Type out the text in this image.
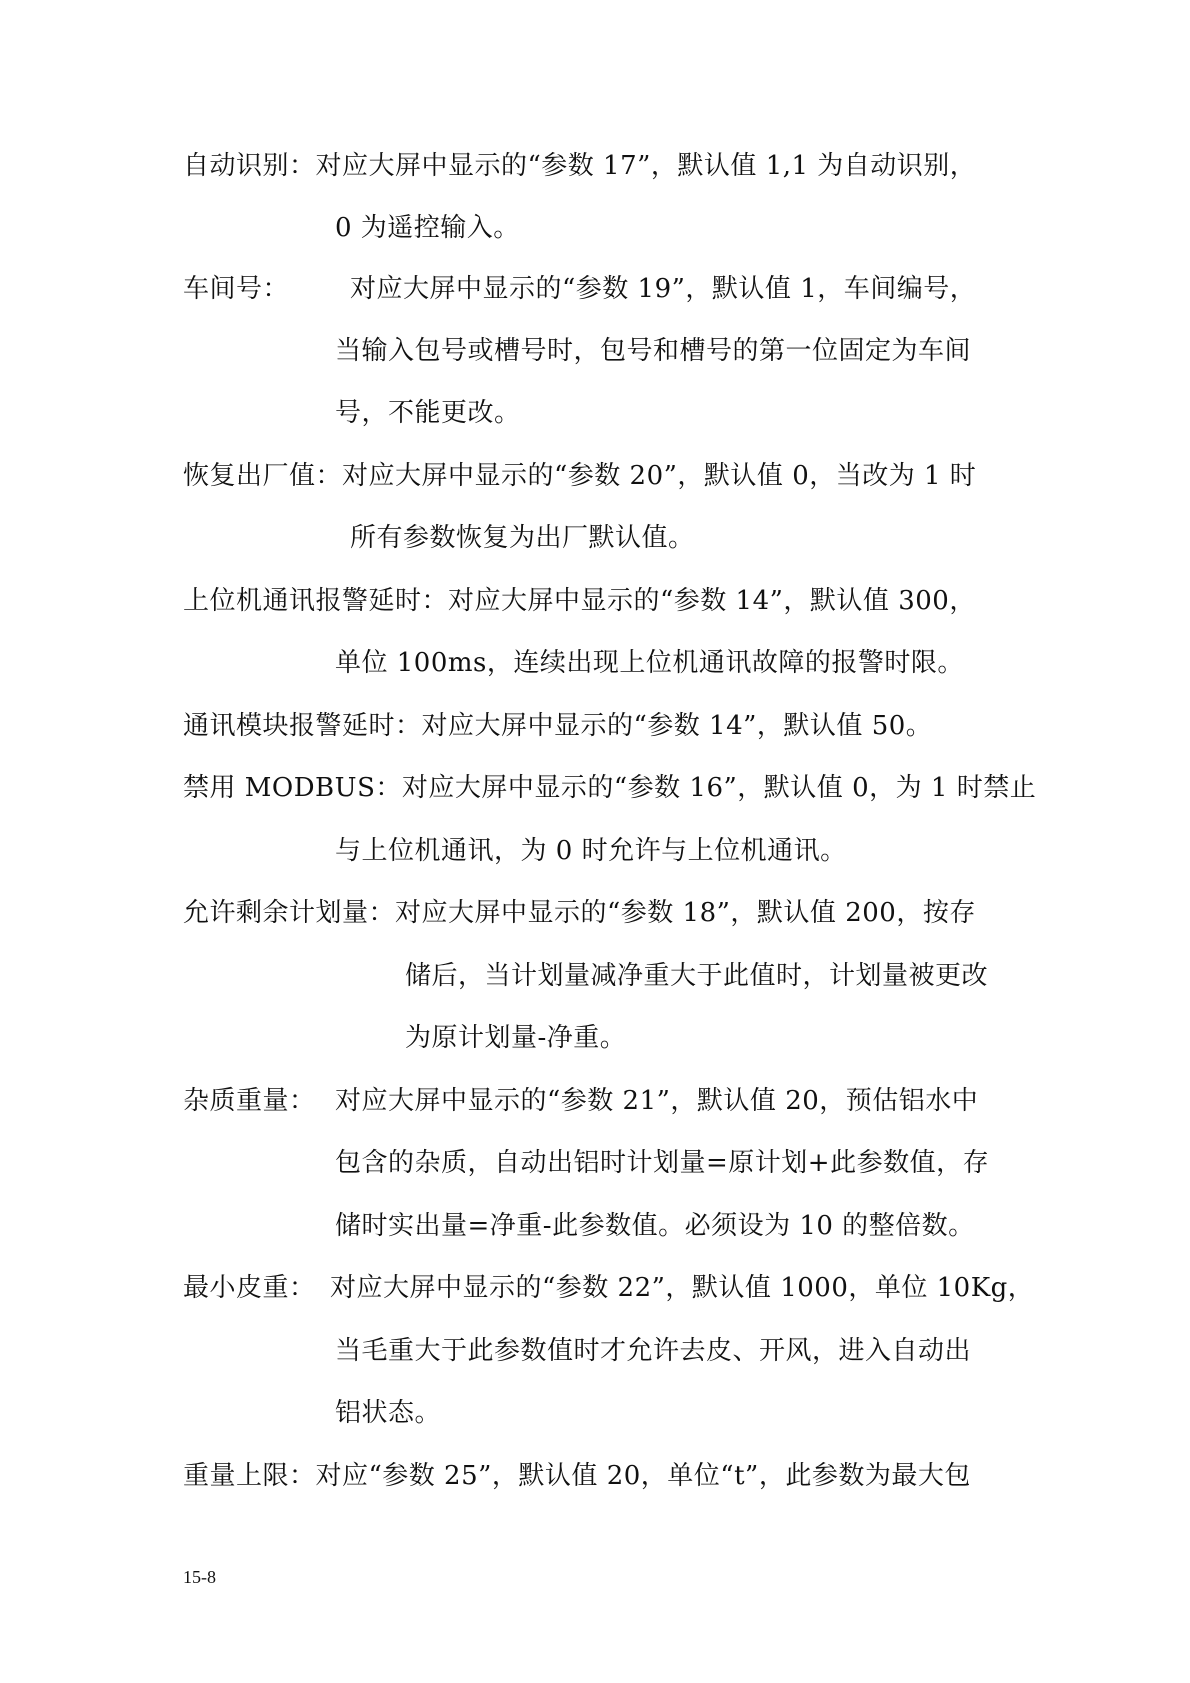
自动识别：对应大屏中显示的“参数 17”，默认值 1,1 为自动识别，
0 为遥控输入。
车间号： 对应大屏中显示的“参数 19”，默认值 1，车间编号，
当输入包号或槽号时，包号和槽号的第一位固定为车间
号，不能更改。
恢复出厂值：对应大屏中显示的“参数 20”，默认值 0，当改为 1 时
所有参数恢复为出厂默认值。
上位机通讯报警延时：对应大屏中显示的“参数 14”，默认值 300，
单位 100ms，连续出现上位机通讯故障的报警时限。
通讯模块报警延时：对应大屏中显示的“参数 14”，默认值 50。
禁用 MODBUS：对应大屏中显示的“参数 16”，默认值 0，为 1 时禁止
与上位机通讯，为 0 时允许与上位机通讯。
允许剩余计划量：对应大屏中显示的“参数 18”，默认值 200，按存
储后，当计划量减净重大于此值时，计划量被更改
为原计划量-净重。
杂质重量： 对应大屏中显示的“参数 21”，默认值 20，预估铝水中
包含的杂质，自动出铝时计划量=原计划+此参数值，存
储时实出量=净重-此参数值。必须设为 10 的整倍数。
最小皮重： 对应大屏中显示的“参数 22”，默认值 1000，单位 10Kg，
当毛重大于此参数值时才允许去皮、开风，进入自动出
铝状态。
重量上限：对应“参数 25”，默认值 20，单位“t”，此参数为最大包
15-8
